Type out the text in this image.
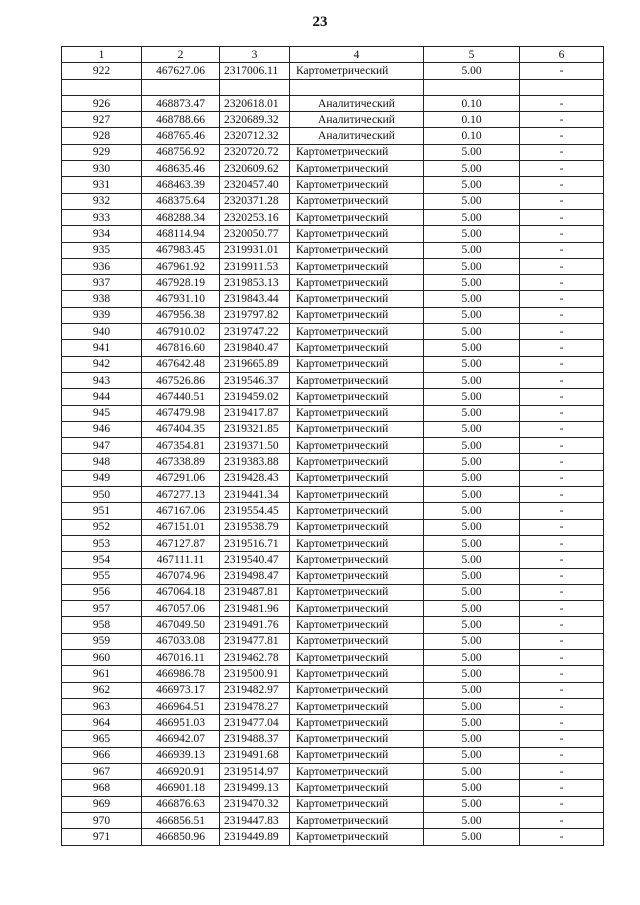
23
1	2	3	4	5	6
922	467627.06	2317006.11	Картометрический	5.00	-

926	468873.47	2320618.01	Аналитический	0.10	-
927	468788.66	2320689.32	Аналитический	0.10	-
928	468765.46	2320712.32	Аналитический	0.10	-
929	468756.92	2320720.72	Картометрический	5.00	-
930	468635.46	2320609.62	Картометрический	5.00	-
931	468463.39	2320457.40	Картометрический	5.00	-
932	468375.64	2320371.28	Картометрический	5.00	-
933	468288.34	2320253.16	Картометрический	5.00	-
934	468114.94	2320050.77	Картометрический	5.00	-
935	467983.45	2319931.01	Картометрический	5.00	-
936	467961.92	2319911.53	Картометрический	5.00	-
937	467928.19	2319853.13	Картометрический	5.00	-
938	467931.10	2319843.44	Картометрический	5.00	-
939	467956.38	2319797.82	Картометрический	5.00	-
940	467910.02	2319747.22	Картометрический	5.00	-
941	467816.60	2319840.47	Картометрический	5.00	-
942	467642.48	2319665.89	Картометрический	5.00	-
943	467526.86	2319546.37	Картометрический	5.00	-
944	467440.51	2319459.02	Картометрический	5.00	-
945	467479.98	2319417.87	Картометрический	5.00	-
946	467404.35	2319321.85	Картометрический	5.00	-
947	467354.81	2319371.50	Картометрический	5.00	-
948	467338.89	2319383.88	Картометрический	5.00	-
949	467291.06	2319428.43	Картометрический	5.00	-
950	467277.13	2319441.34	Картометрический	5.00	-
951	467167.06	2319554.45	Картометрический	5.00	-
952	467151.01	2319538.79	Картометрический	5.00	-
953	467127.87	2319516.71	Картометрический	5.00	-
954	467111.11	2319540.47	Картометрический	5.00	-
955	467074.96	2319498.47	Картометрический	5.00	-
956	467064.18	2319487.81	Картометрический	5.00	-
957	467057.06	2319481.96	Картометрический	5.00	-
958	467049.50	2319491.76	Картометрический	5.00	-
959	467033.08	2319477.81	Картометрический	5.00	-
960	467016.11	2319462.78	Картометрический	5.00	-
961	466986.78	2319500.91	Картометрический	5.00	-
962	466973.17	2319482.97	Картометрический	5.00	-
963	466964.51	2319478.27	Картометрический	5.00	-
964	466951.03	2319477.04	Картометрический	5.00	-
965	466942.07	2319488.37	Картометрический	5.00	-
966	466939.13	2319491.68	Картометрический	5.00	-
967	466920.91	2319514.97	Картометрический	5.00	-
968	466901.18	2319499.13	Картометрический	5.00	-
969	466876.63	2319470.32	Картометрический	5.00	-
970	466856.51	2319447.83	Картометрический	5.00	-
971	466850.96	2319449.89	Картометрический	5.00	-
